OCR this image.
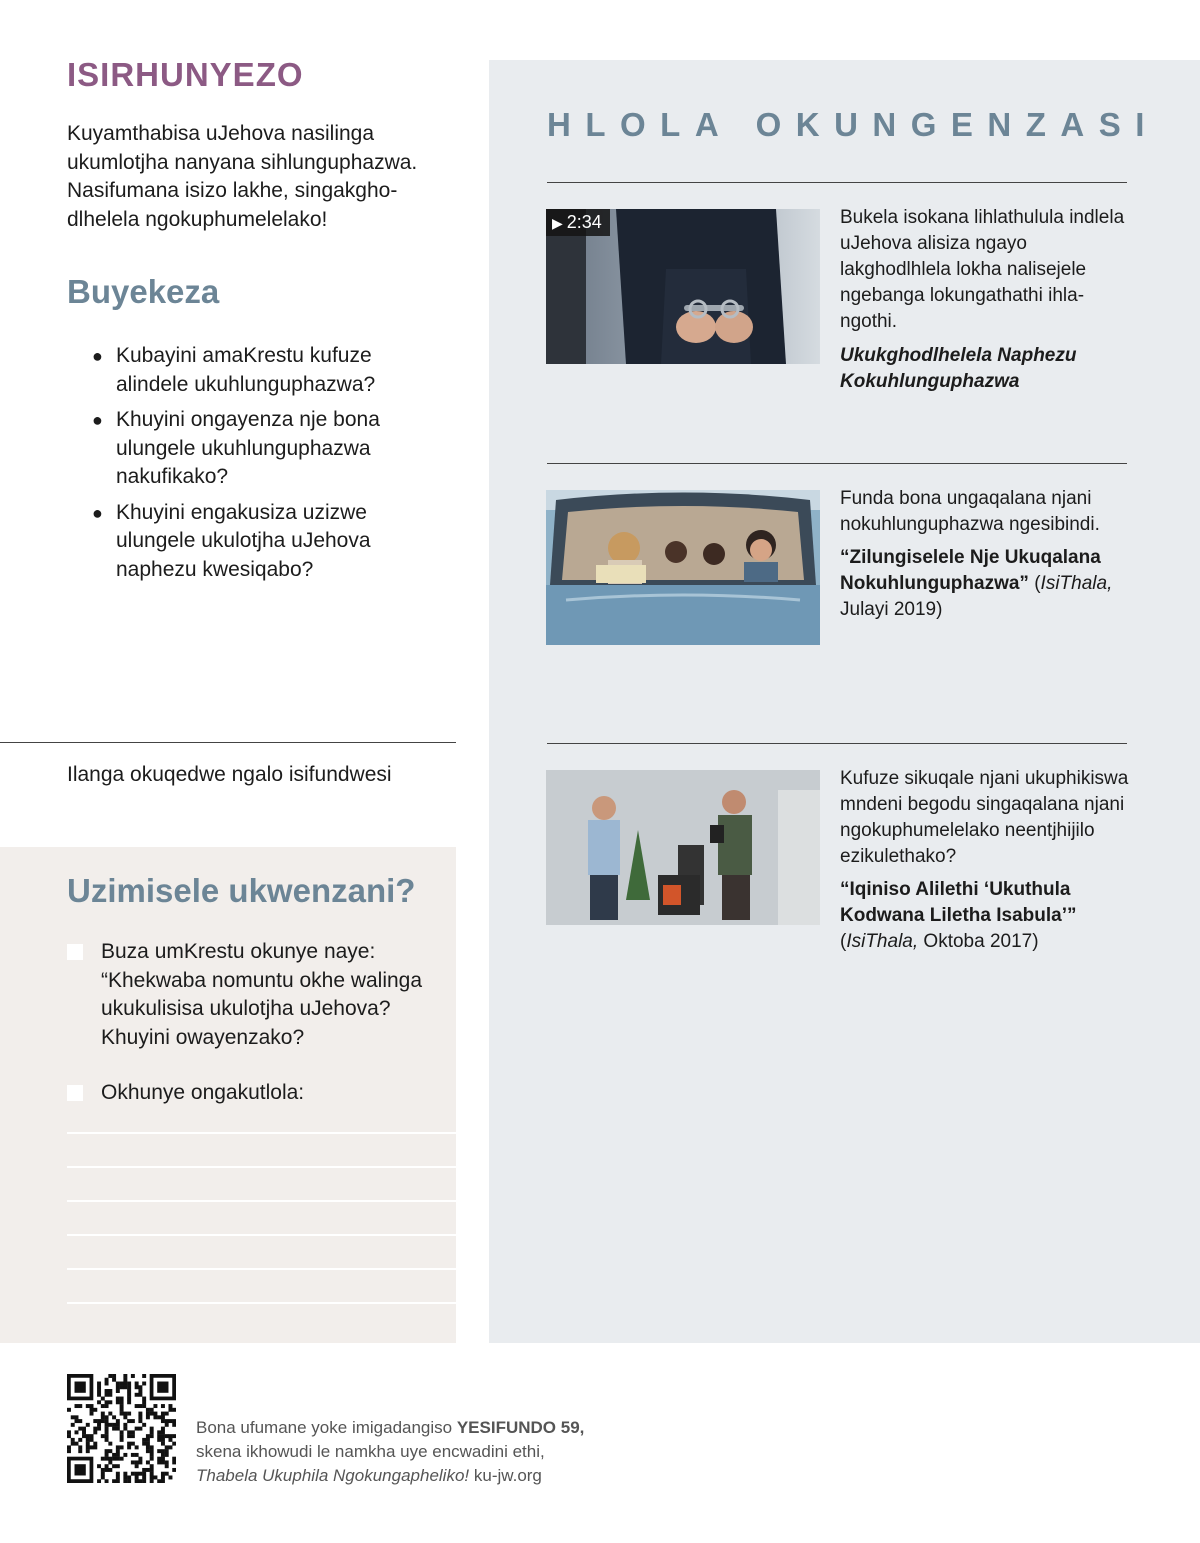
ISIRHUNYEZO

Kuyamthabisa uJehova nasilinga ukumlotjha nanyana sihlunguphazwa. Nasifumana isizo lakhe, singakghodlhelela ngokuphumelelako!

Buyekeza
● Kubayini amaKrestu kufuze alindele ukuhlunguphazwa?
● Khuyini ongayenza nje bona ulungele ukuhlunguphazwa nakufikako?
● Khuyini engakusiza uzizwe ulungele ukulotjha uJehova naphezu kwesiqabo?
Ilanga okuqedwe ngalo isifundwesi
Uzimisele ukwenzani?
Buza umKrestu okunye naye: “Khekwaba nomuntu okhe walinga ukukulisisa ukulotjha uJehova? Khuyini owayenzako?
Okhunye ongakutlola:
HLOLA OKUNGENZASI
▶ 2:34	Bukela isokana lihlathulula indlela uJehova alisiza ngayo lakghodlhlela lokha nalisejele ngebanga lokungathathi ihlangothi.

Ukukghodlhelela Naphezu Kokuhlunguphazwa

Funda bona ungaqalana njani nokuhlunguphazwa ngesibindi.

“Zilungiselele Nje Ukuqalana Nokuhlunguphazwa” (IsiThala, Julayi 2019)

Kufuze sikuqale njani ukuphikiswa mndeni begodu singaqalana njani ngokuphumelelako neentjhijilo ezikulethako?

“Iqiniso Alilethi ‘Ukuthula Kodwana Liletha Isabula’”
(IsiThala, Oktoba 2017)

Bona ufumane yoke imigadangiso YESIFUNDO 59,
skena ikhowudi le namkha uye encwadini ethi,
Thabela Ukuphila Ngokungapheliko! ku-jw.org
